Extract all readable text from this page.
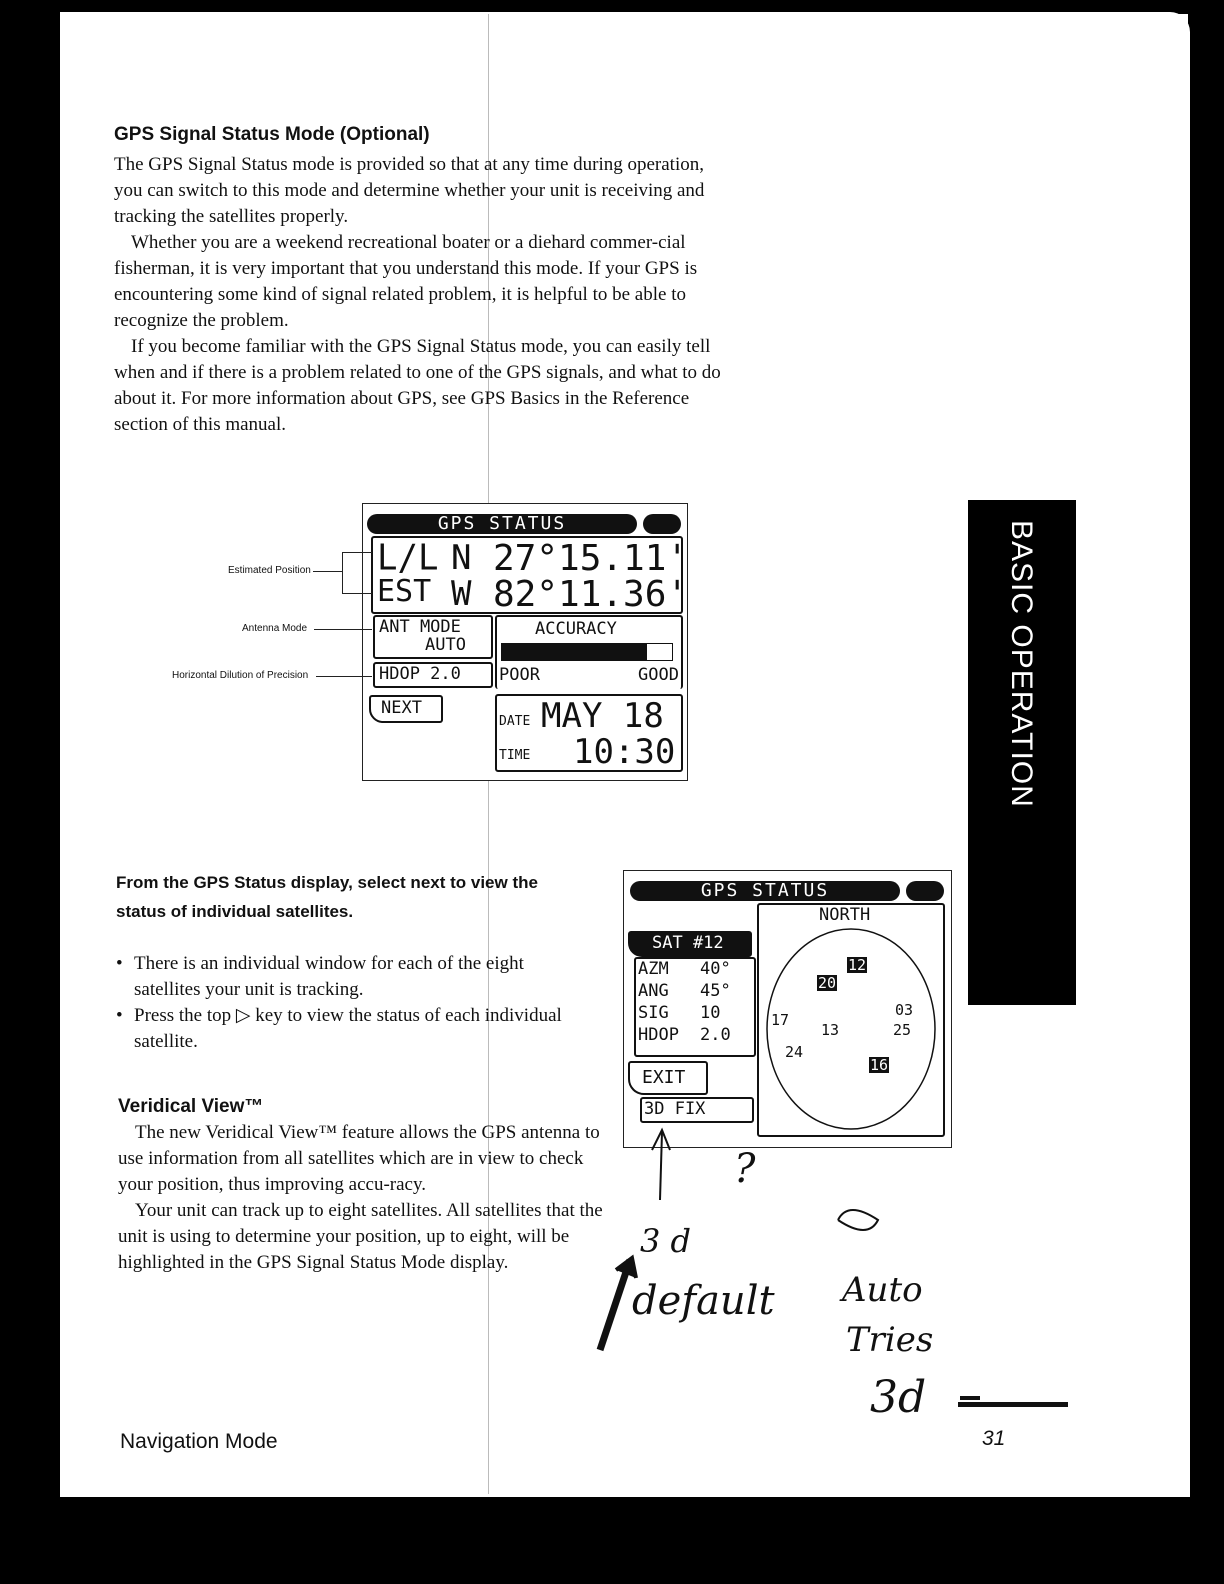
GPS Signal Status Mode (Optional)

The GPS Signal Status mode is provided so that at any time during operation, you can switch to this mode and determine whether your unit is receiving and tracking the satellites properly.

Whether you are a weekend recreational boater or a diehard commer-cial fisherman, it is very important that you understand this mode. If your GPS is encountering some kind of signal related problem, it is helpful to be able to recognize the problem.

If you become familiar with the GPS Signal Status mode, you can easily tell when and if there is a problem related to one of the GPS signals, and what to do about it. For more information about GPS, see GPS Basics in the Reference section of this manual.

BASIC OPERATION
GPS STATUS
L/L N 27°15.11'
EST W 82°11.36'
ANT MODE
AUTO
ACCURACY
POOR	GOOD
HDOP 2.0
NEXT
DATE MAY 18
TIME 10:30
Estimated Position
Antenna Mode
Horizontal Dilution of Precision
From the GPS Status display, select next to view the status of individual satellites.
• There is an individual window for each of the eight satellites your unit is tracking.
• Press the top ▷ key to view the status of each individual satellite.
GPS STATUS
NORTH
12
20
17
13
03
25
24
16
SAT #12
AZM 40°
ANG 45°
SIG 10
HDOP 2.0
EXIT
3D FIX
Veridical View™

The new Veridical View™ feature allows the GPS antenna to use information from all satellites which are in view to check your position, thus improving accu-racy.

Your unit can track up to eight satellites. All satellites that the unit is using to determine your position, up to eight, will be highlighted in the GPS Signal Status Mode display.

?
3 d
default Auto
Tries
3d
Navigation Mode	31
